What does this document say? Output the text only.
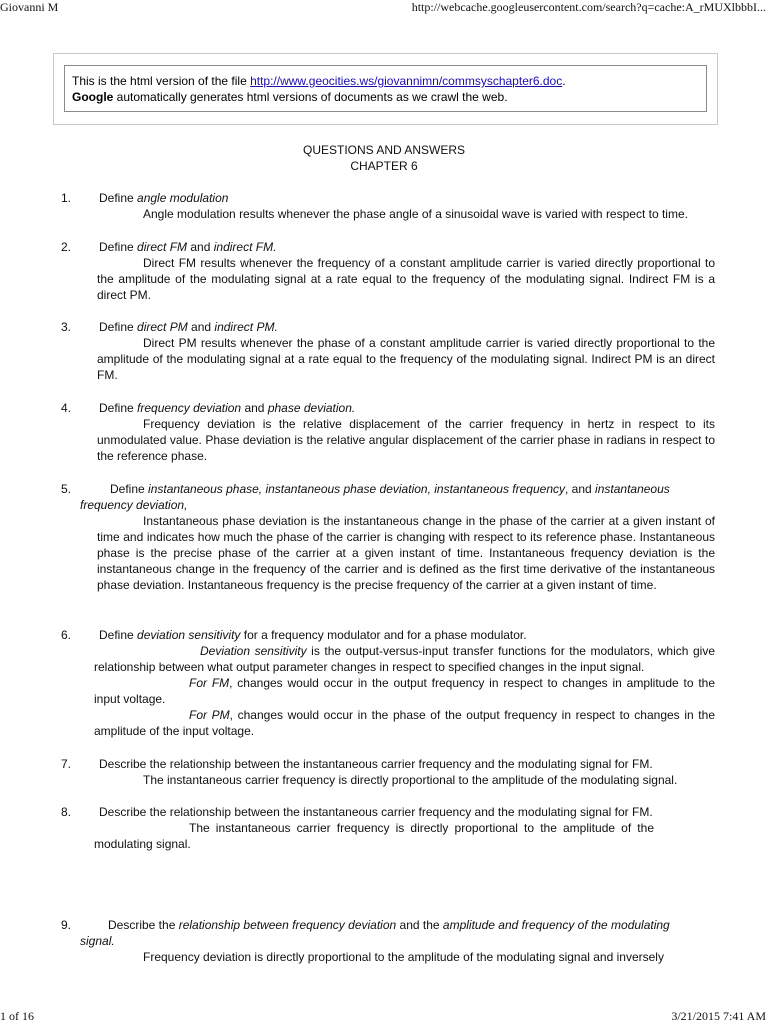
Giovanni M	http://webcache.googleusercontent.com/search?q=cache:A_rMUXlbbbI...
This is the html version of the file http://www.geocities.ws/giovannimn/commsyschapter6.doc.
Google automatically generates html versions of documents as we crawl the web.
QUESTIONS AND ANSWERS
CHAPTER 6
1. Define angle modulation
Angle modulation results whenever the phase angle of a sinusoidal wave is varied with respect to time.
2. Define direct FM and indirect FM.
Direct FM results whenever the frequency of a constant amplitude carrier is varied directly proportional to the amplitude of the modulating signal at a rate equal to the frequency of the modulating signal. Indirect FM is a direct PM.
3. Define direct PM and indirect PM.
Direct PM results whenever the phase of a constant amplitude carrier is varied directly proportional to the amplitude of the modulating signal at a rate equal to the frequency of the modulating signal. Indirect PM is an direct FM.
4. Define frequency deviation and phase deviation.
Frequency deviation is the relative displacement of the carrier frequency in hertz in respect to its unmodulated value. Phase deviation is the relative angular displacement of the carrier phase in radians in respect to the reference phase.
5.	Define instantaneous phase, instantaneous phase deviation, instantaneous frequency, and instantaneous
frequency deviation,
Instantaneous phase deviation is the instantaneous change in the phase of the carrier at a given instant of time and indicates how much the phase of the carrier is changing with respect to its reference phase. Instantaneous phase is the precise phase of the carrier at a given instant of time. Instantaneous frequency deviation is the instantaneous change in the frequency of the carrier and is defined as the first time derivative of the instantaneous phase deviation. Instantaneous frequency is the precise frequency of the carrier at a given instant of time.
6. Define deviation sensitivity for a frequency modulator and for a phase modulator.
Deviation sensitivity is the output-versus-input transfer functions for the modulators, which give relationship between what output parameter changes in respect to specified changes in the input signal.
For FM, changes would occur in the output frequency in respect to changes in amplitude to the input voltage.
For PM, changes would occur in the phase of the output frequency in respect to changes in the amplitude of the input voltage.
7. Describe the relationship between the instantaneous carrier frequency and the modulating signal for FM.
The instantaneous carrier frequency is directly proportional to the amplitude of the modulating signal.
8. Describe the relationship between the instantaneous carrier frequency and the modulating signal for FM.
The instantaneous carrier frequency is directly proportional to the amplitude of the modulating signal.
9.	Describe the relationship between frequency deviation and the amplitude and frequency of the modulating
signal.
Frequency deviation is directly proportional to the amplitude of the modulating signal and inversely
1 of 16	3/21/2015 7:41 AM
